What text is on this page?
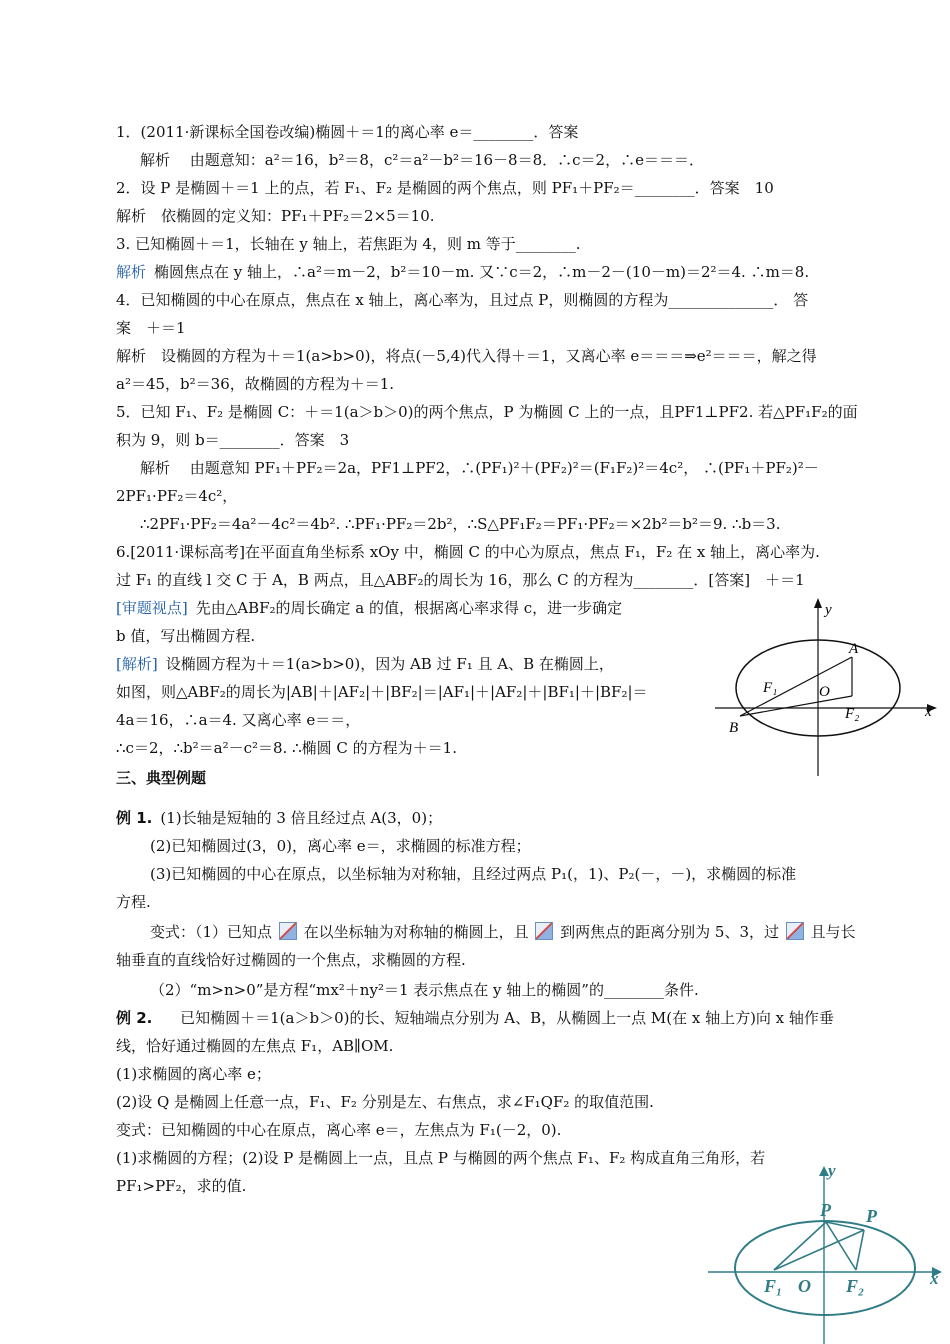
1．(2011·新课标全国卷改编)椭圆＋＝1的离心率 e＝________．答案
解析　 由题意知：a²＝16，b²＝8，c²＝a²－b²＝16－8＝8．∴c＝2，∴e＝＝＝．
2．设 P 是椭圆＋＝1 上的点，若 F₁、F₂ 是椭圆的两个焦点，则 PF₁＋PF₂＝________．答案　10
解析　依椭圆的定义知：PF₁＋PF₂＝2×5＝10.
3. 已知椭圆＋＝1，长轴在 y 轴上，若焦距为 4，则 m 等于________.
解析 椭圆焦点在 y 轴上，∴a²＝m－2，b²＝10－m. 又∵c＝2，∴m－2－(10－m)＝2²＝4. ∴m＝8.
4．已知椭圆的中心在原点，焦点在 x 轴上，离心率为，且过点 P，则椭圆的方程为______________． 答
案　＋＝1
解析　设椭圆的方程为＋＝1(a>b>0)，将点(－5,4)代入得＋＝1，又离心率 e＝＝＝⇒e²＝＝＝，解之得
a²＝45，b²＝36，故椭圆的方程为＋＝1.
5．已知 F₁、F₂ 是椭圆 C：＋＝1(a＞b＞0)的两个焦点，P 为椭圆 C 上的一点，且PF1⊥PF2. 若△PF₁F₂的面
积为 9，则 b＝________．答案　3
解析　 由题意知 PF₁＋PF₂＝2a，PF1⊥PF2，∴(PF₁)²＋(PF₂)²＝(F₁F₂)²＝4c²， ∴(PF₁＋PF₂)²－
2PF₁·PF₂＝4c²，
∴2PF₁·PF₂＝4a²－4c²＝4b². ∴PF₁·PF₂＝2b²，∴S△PF₁F₂＝PF₁·PF₂＝×2b²＝b²＝9. ∴b＝3.
6.[2011·课标高考]在平面直角坐标系 xOy 中，椭圆 C 的中心为原点，焦点 F₁，F₂ 在 x 轴上，离心率为.
过 F₁ 的直线 l 交 C 于 A，B 两点，且△ABF₂的周长为 16，那么 C 的方程为________．[答案]　＋＝1
[审题视点] 先由△ABF₂的周长确定 a 的值，根据离心率求得 c，进一步确定
b 值，写出椭圆方程.
[解析] 设椭圆方程为＋＝1(a>b>0)，因为 AB 过 F₁ 且 A、B 在椭圆上，
如图，则△ABF₂的周长为|AB|＋|AF₂|＋|BF₂|＝|AF₁|＋|AF₂|＋|BF₁|＋|BF₂|＝
4a＝16，∴a＝4. 又离心率 e＝＝，
∴c＝2，∴b²＝a²－c²＝8. ∴椭圆 C 的方程为＋＝1.
三、典型例题
例 1. (1)长轴是短轴的 3 倍且经过点 A(3，0)；
(2)已知椭圆过(3，0)，离心率 e＝，求椭圆的标准方程；
(3)已知椭圆的中心在原点，以坐标轴为对称轴，且经过两点 P₁(，1)、P₂(－，－)，求椭圆的标准
方程.
变式：（1）已知点  在以坐标轴为对称轴的椭圆上，且  到两焦点的距离分别为 5、3，过  且与长
轴垂直的直线恰好过椭圆的一个焦点，求椭圆的方程.
（2）“m>n>0”是方程“mx²＋ny²＝1 表示焦点在 y 轴上的椭圆”的________条件.
例 2.　 已知椭圆＋＝1(a＞b＞0)的长、短轴端点分别为 A、B，从椭圆上一点 M(在 x 轴上方)向 x 轴作垂
线，恰好通过椭圆的左焦点 F₁，AB∥OM.
(1)求椭圆的离心率 e；
(2)设 Q 是椭圆上任意一点，F₁、F₂ 分别是左、右焦点，求∠F₁QF₂ 的取值范围.
变式：已知椭圆的中心在原点，离心率 e＝，左焦点为 F₁(－2，0).
(1)求椭圆的方程；(2)设 P 是椭圆上一点，且点 P 与椭圆的两个焦点 F₁、F₂ 构成直角三角形，若
PF₁>PF₂，求的值.
y
x
A
B
F₁	O
F₂
y
x
P P
F₁ O F₂
